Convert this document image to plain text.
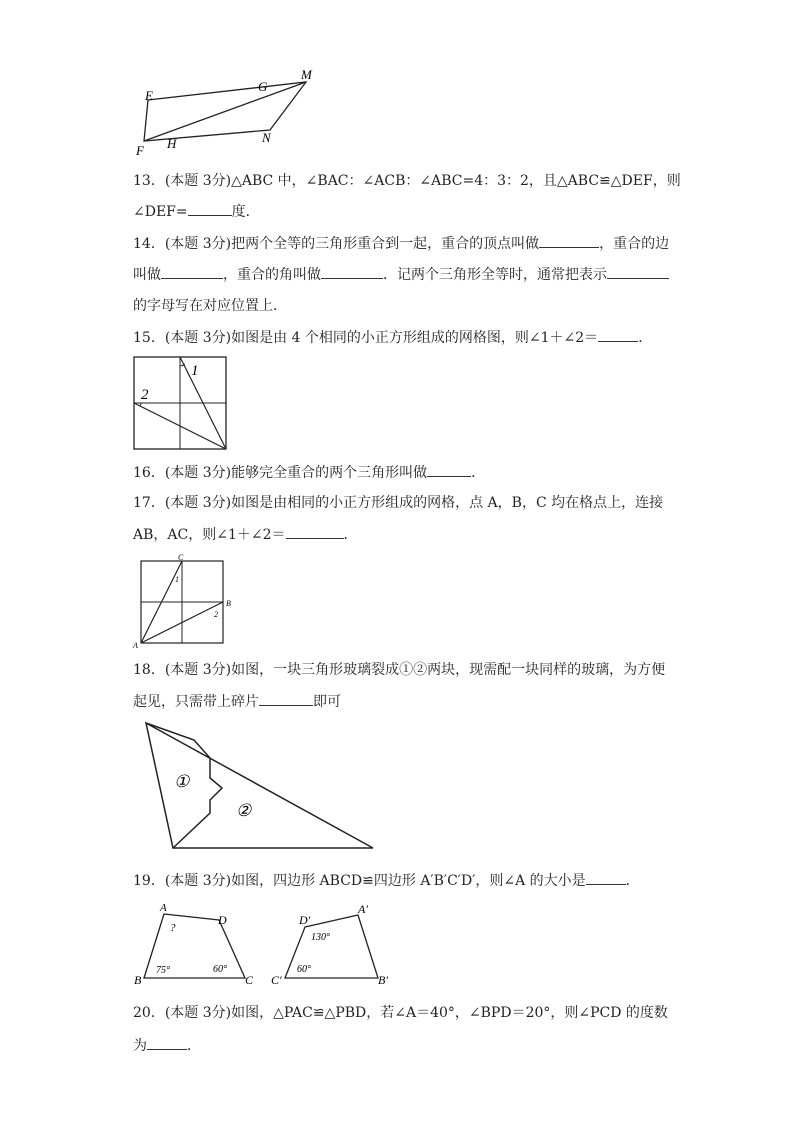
E
G
M
F H	N
13．(本题 3分)△ABC 中，∠BAC：∠ACB：∠ABC=4：3：2，且△ABC≌△DEF，则
∠DEF=	度．
14．(本题 3分)把两个全等的三角形重合到一起，重合的顶点叫做	，重合的边
叫做	，重合的角叫做	．记两个三角形全等时，通常把表示
的字母写在对应位置上．
15．(本题 3分)如图是由 4 个相同的小正方形组成的网格图，则∠1＋∠2＝	．
1
2
16．(本题 3分)能够完全重合的两个三角形叫做	．
17．(本题 3分)如图是由相同的小正方形组成的网格，点 A，B，C 均在格点上，连接
AB，AC，则∠1＋∠2＝	．
C
1
B
2
A
18．(本题 3分)如图，一块三角形玻璃裂成①②两块，现需配一块同样的玻璃，为方便
起见，只需带上碎片	即可
①
②
19．(本题 3分)如图，四边形 ABCD≌四边形 A′B′C′D′，则∠A 的大小是	．
A
D
B	C
?
75°	60°
D′
A′
C′	B′
130°
60°
20．(本题 3分)如图，△PAC≌△PBD，若∠A＝40°，∠BPD＝20°，则∠PCD 的度数
为	．
